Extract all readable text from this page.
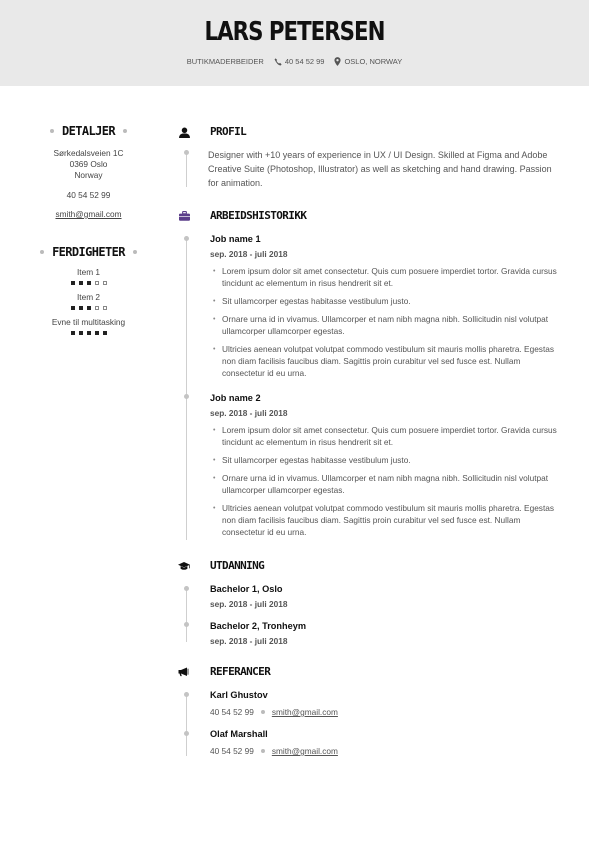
LARS PETERSEN
BUTIKMADERBEIDER	40 54 52 99	OSLO, NORWAY
DETALJER
Sørkedalsveien 1C
0369 Oslo
Norway
40 54 52 99
smith@gmail.com
FERDIGHETER
Item 1
Item 2
Evne til multitasking
PROFIL
Designer with +10 years of experience in UX / UI Design. Skilled at Figma and Adobe Creative Suite (Photoshop, Illustrator) as well as sketching and hand drawing. Passion for animation.
ARBEIDSHISTORIKK
Job name 1
sep. 2018 - juli 2018
• Lorem ipsum dolor sit amet consectetur. Quis cum posuere imperdiet tortor. Gravida cursus tincidunt ac elementum in risus hendrerit sit et.
• Sit ullamcorper egestas habitasse vestibulum justo.
• Ornare urna id in vivamus. Ullamcorper et nam nibh magna nibh. Sollicitudin nisl volutpat ullamcorper ullamcorper egestas.
• Ultricies aenean volutpat volutpat commodo vestibulum sit mauris mollis pharetra. Egestas non diam facilisis faucibus diam. Sagittis proin curabitur vel sed fusce est. Nullam consectetur id eu urna.
Job name 2
sep. 2018 - juli 2018
• Lorem ipsum dolor sit amet consectetur. Quis cum posuere imperdiet tortor. Gravida cursus tincidunt ac elementum in risus hendrerit sit et.
• Sit ullamcorper egestas habitasse vestibulum justo.
• Ornare urna id in vivamus. Ullamcorper et nam nibh magna nibh. Sollicitudin nisl volutpat ullamcorper ullamcorper egestas.
• Ultricies aenean volutpat volutpat commodo vestibulum sit mauris mollis pharetra. Egestas non diam facilisis faucibus diam. Sagittis proin curabitur vel sed fusce est. Nullam consectetur id eu urna.
UTDANNING
Bachelor 1, Oslo
sep. 2018 - juli 2018
Bachelor 2, Tronheym
sep. 2018 - juli 2018
REFERANCER
Karl Ghustov
40 54 52 99 smith@gmail.com
Olaf Marshall
40 54 52 99 smith@gmail.com
